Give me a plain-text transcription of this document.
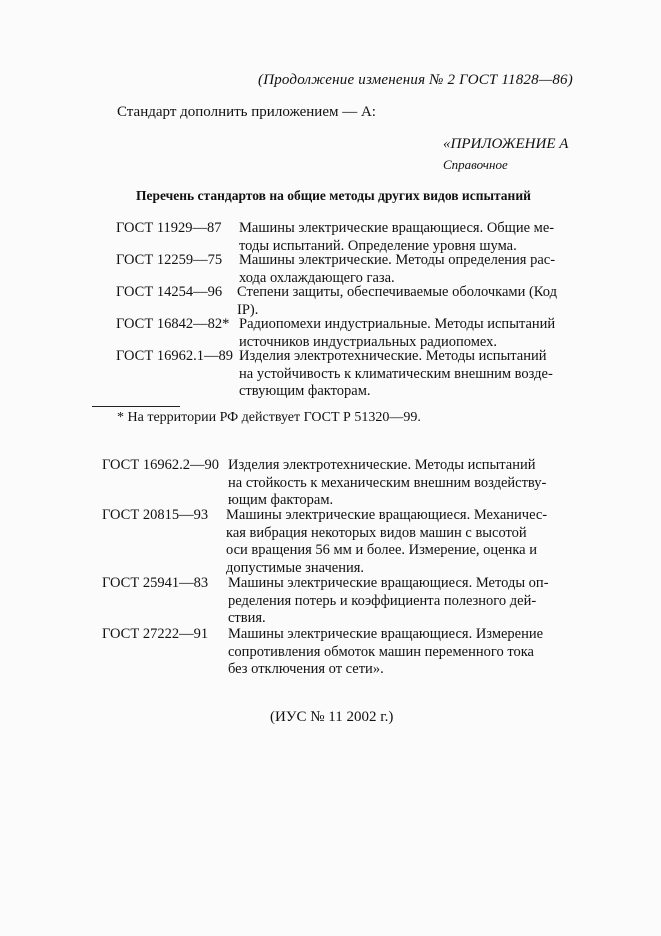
(Продолжение изменения № 2 ГОСТ 11828—86)
Стандарт дополнить приложением — А:
«ПРИЛОЖЕНИЕ А
Справочное
Перечень стандартов на общие методы других видов испытаний
ГОСТ 11929—87 Машины электрические вращающиеся. Общие ме-
тоды испытаний. Определение уровня шума.
ГОСТ 12259—75 Машины электрические. Методы определения рас-
хода охлаждающего газа.
ГОСТ 14254—96 Степени защиты, обеспечиваемые оболочками (Код
IP).
ГОСТ 16842—82* Радиопомехи индустриальные. Методы испытаний
источников индустриальных радиопомех.
ГОСТ 16962.1—89 Изделия электротехнические. Методы испытаний
на устойчивость к климатическим внешним возде-
ствующим факторам.
* На территории РФ действует ГОСТ Р 51320—99.
ГОСТ 16962.2—90 Изделия электротехнические. Методы испытаний
на стойкость к механическим внешним воздейству-
ющим факторам.
ГОСТ 20815—93 Машины электрические вращающиеся. Механичес-
кая вибрация некоторых видов машин с высотой
оси вращения 56 мм и более. Измерение, оценка и
допустимые значения.
ГОСТ 25941—83 Машины электрические вращающиеся. Методы оп-
ределения потерь и коэффициента полезного дей-
ствия.
ГОСТ 27222—91 Машины электрические вращающиеся. Измерение
сопротивления обмоток машин переменного тока
без отключения от сети».
(ИУС № 11 2002 г.)
